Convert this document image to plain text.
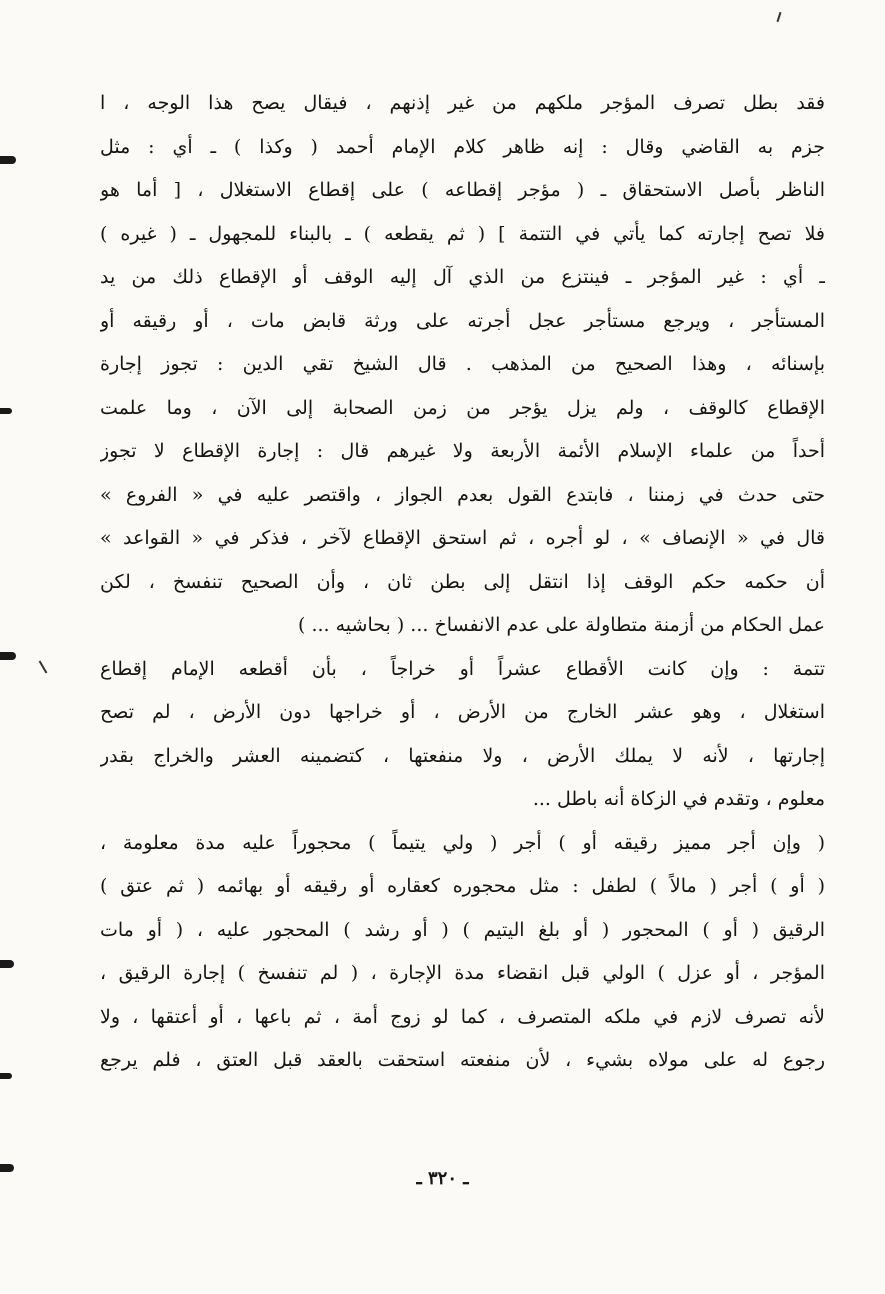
فقد بطل تصرف المؤجر ملكهم من غير إذنهم ، فيقال يصح هذا الوجه ، ا
جزم به القاضي وقال : إنه ظاهر كلام الإمام أحمد ( وكذا ) ـ أي : مثل
الناظر بأصل الاستحقاق ـ ( مؤجر إقطاعه ) على إقطاع الاستغلال ، [ أما هو
فلا تصح إجارته كما يأتي في التتمة ] ( ثم يقطعه ) ـ بالبناء للمجهول ـ ( غيره )
ـ أي : غير المؤجر ـ فينتزع من الذي آل إليه الوقف أو الإقطاع ذلك من يد
المستأجر ، ويرجع مستأجر عجل أجرته على ورثة قابض مات ، أو رقيقه أو
بإسنائه ، وهذا الصحيح من المذهب . قال الشيخ تقي الدين : تجوز إجارة
الإقطاع كالوقف ، ولم يزل يؤجر من زمن الصحابة إلى الآن ، وما علمت
أحداً من علماء الإسلام الأئمة الأربعة ولا غيرهم قال : إجارة الإقطاع لا تجوز
حتى حدث في زمننا ، فابتدع القول بعدم الجواز ، واقتصر عليه في « الفروع »
قال في « الإنصاف » ، لو أجره ، ثم استحق الإقطاع لآخر ، فذكر في « القواعد »
أن حكمه حكم الوقف إذا انتقل إلى بطن ثان ، وأن الصحيح تنفسخ ، لكن
عمل الحكام من أزمنة متطاولة على عدم الانفساخ ... ( بحاشيه ... )
تتمة : وإن كانت الأقطاع عشراً أو خراجاً ، بأن أقطعه الإمام إقطاع
استغلال ، وهو عشر الخارج من الأرض ، أو خراجها دون الأرض ، لم تصح
إجارتها ، لأنه لا يملك الأرض ، ولا منفعتها ، كتضمينه العشر والخراج بقدر
معلوم ، وتقدم في الزكاة أنه باطل ...
( وإن أجر مميز رقيقه أو ) أجر ( ولي يتيماً ) محجوراً عليه مدة معلومة ،
( أو ) أجر ( مالاً ) لطفل : مثل محجوره كعقاره أو رقيقه أو بهائمه ( ثم عتق )
الرقيق ( أو ) المحجور ( أو بلغ اليتيم ) ( أو رشد ) المحجور عليه ، ( أو مات
المؤجر ، أو عزل ) الولي قبل انقضاء مدة الإجارة ، ( لم تنفسخ ) إجارة الرقيق ،
لأنه تصرف لازم في ملكه المتصرف ، كما لو زوج أمة ، ثم باعها ، أو أعتقها ، ولا
رجوع له على مولاه بشيء ، لأن منفعته استحقت بالعقد قبل العتق ، فلم يرجع
ـ ٣٢٠ ـ
